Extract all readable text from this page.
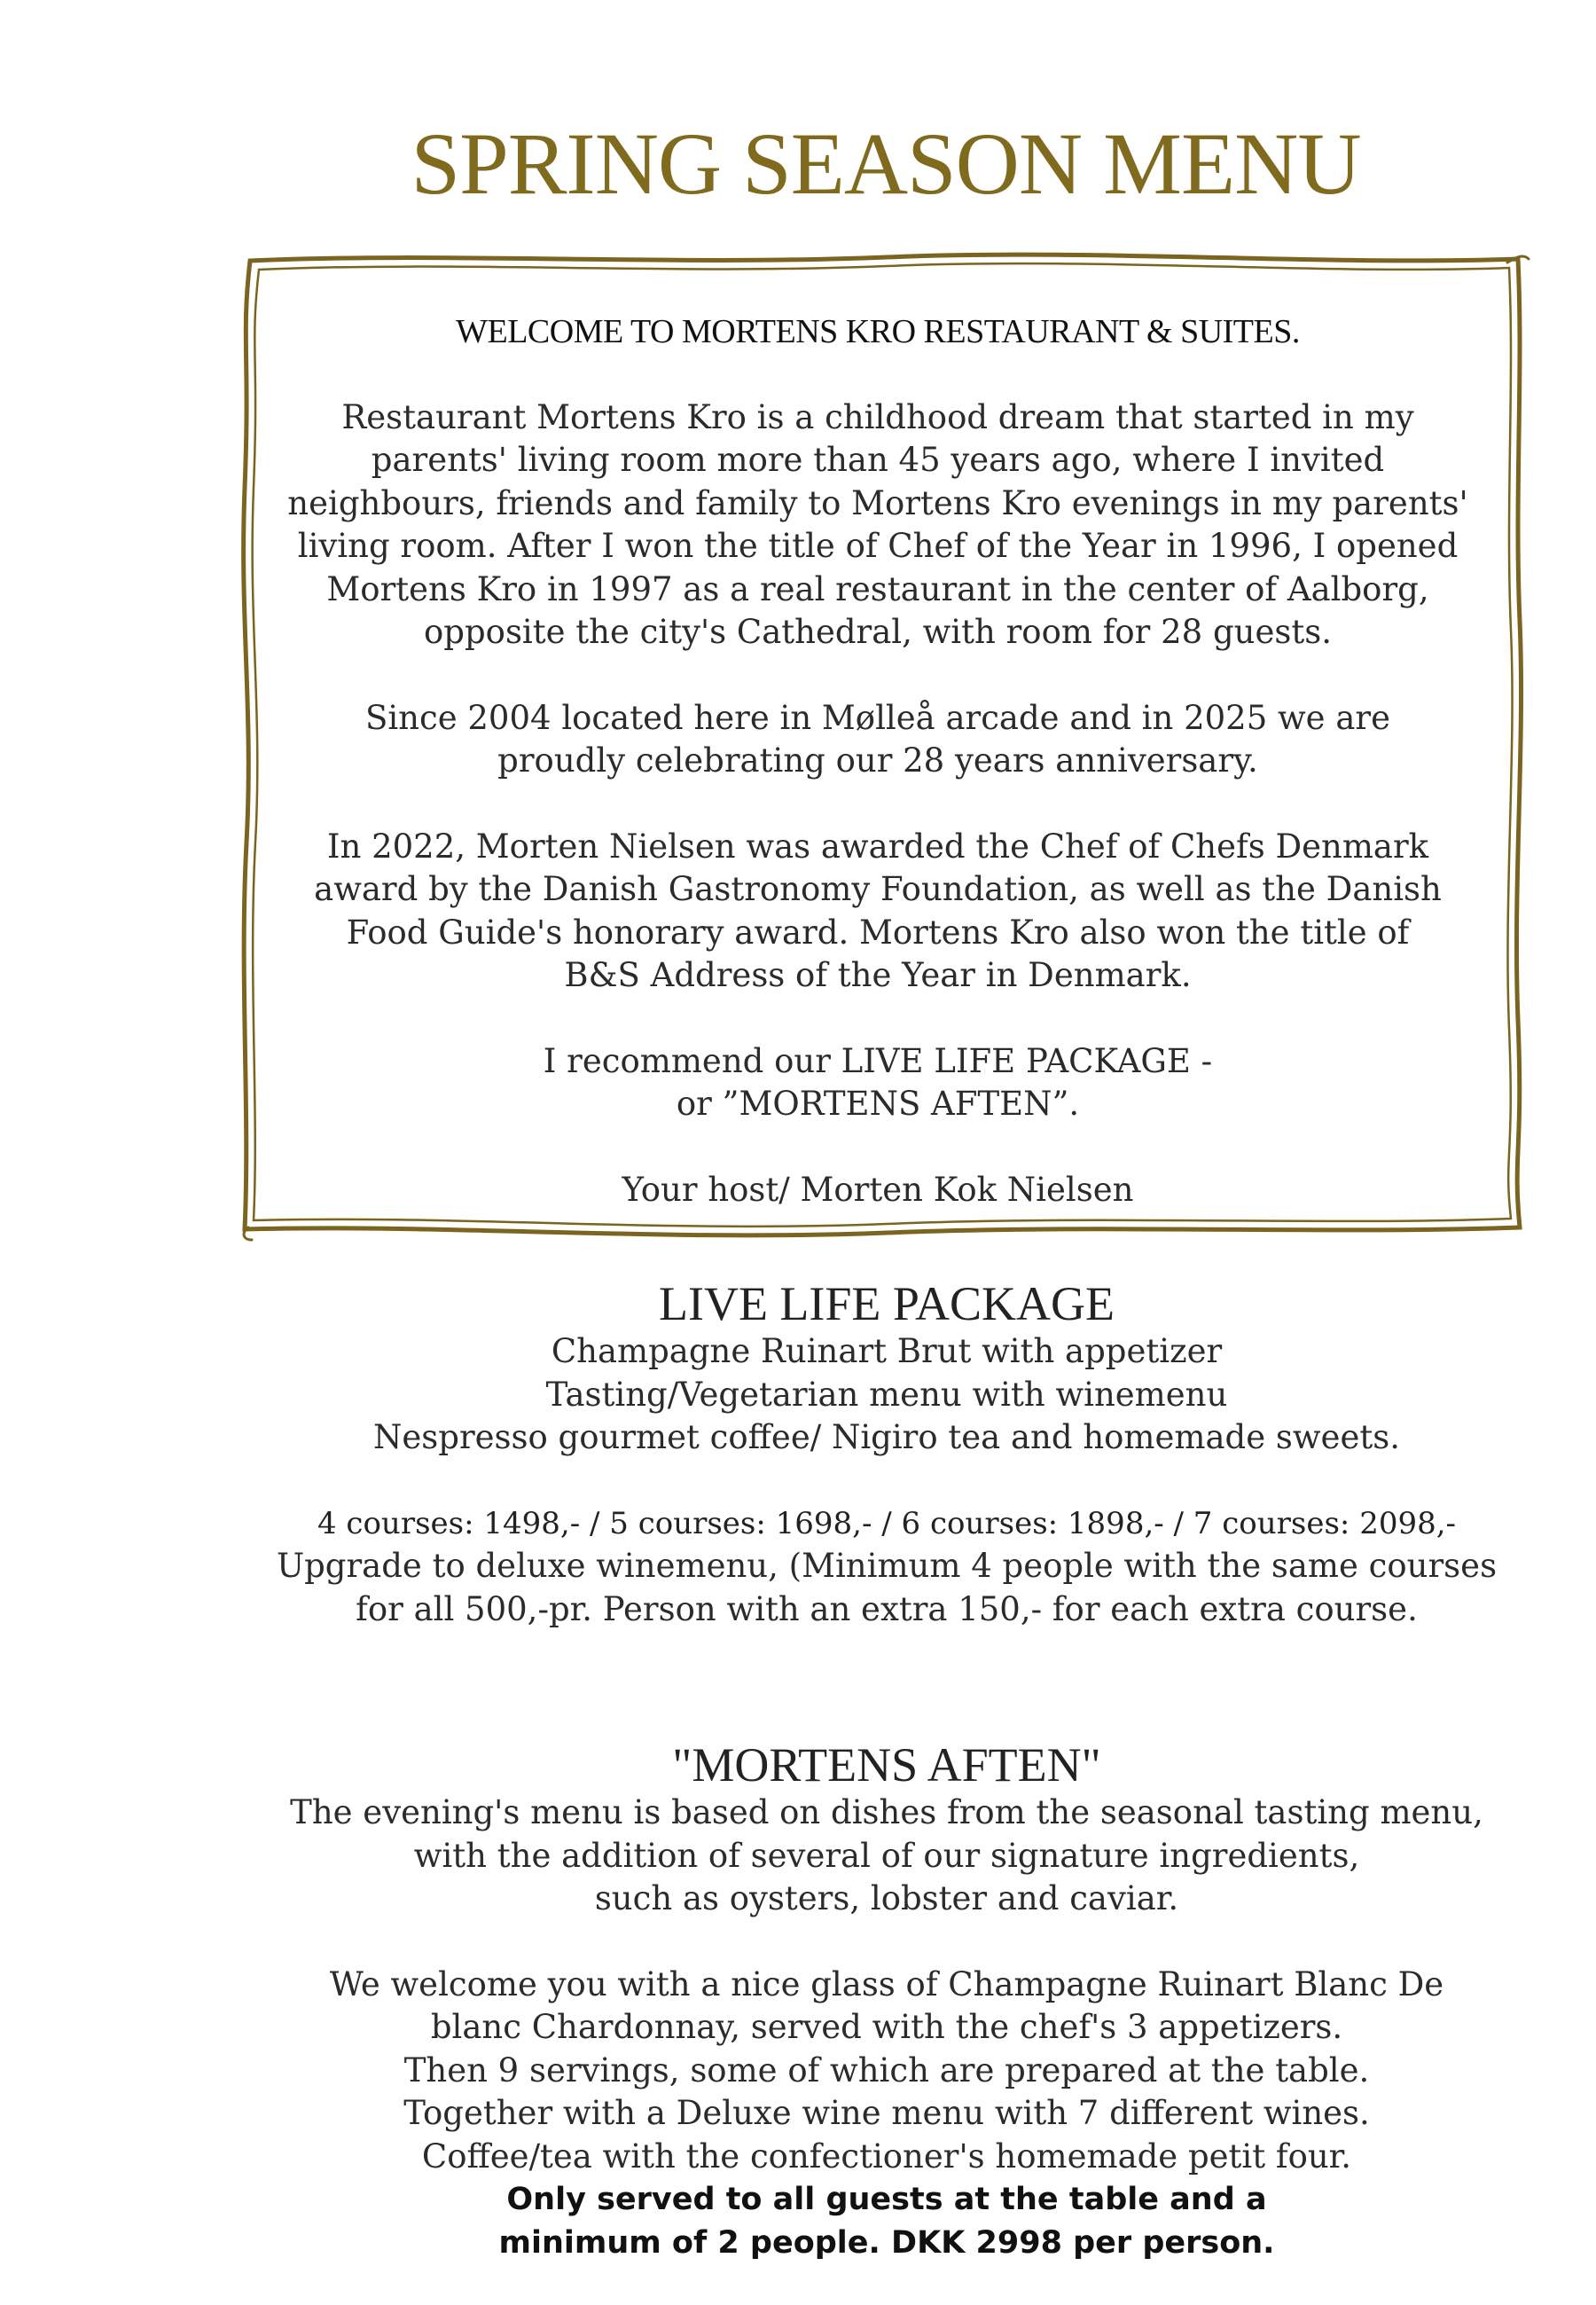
SPRING SEASON MENU
WELCOME TO MORTENS KRO RESTAURANT & SUITES.
Restaurant Mortens Kro is a childhood dream that started in my
parents' living room more than 45 years ago, where I invited
neighbours, friends and family to Mortens Kro evenings in my parents'
living room. After I won the title of Chef of the Year in 1996, I opened
Mortens Kro in 1997 as a real restaurant in the center of Aalborg,
opposite the city's Cathedral, with room for 28 guests.
Since 2004 located here in Mølleå arcade and in 2025 we are
proudly celebrating our 28 years anniversary.
In 2022, Morten Nielsen was awarded the Chef of Chefs Denmark
award by the Danish Gastronomy Foundation, as well as the Danish
Food Guide's honorary award. Mortens Kro also won the title of
B&S Address of the Year in Denmark.
I recommend our LIVE LIFE PACKAGE -
or ”MORTENS AFTEN”.
Your host/ Morten Kok Nielsen
LIVE LIFE PACKAGE
Champagne Ruinart Brut with appetizer
Tasting/Vegetarian menu with winemenu
Nespresso gourmet coffee/ Nigiro tea and homemade sweets.
4 courses: 1498,- / 5 courses: 1698,- / 6 courses: 1898,- / 7 courses: 2098,-
Upgrade to deluxe winemenu, (Minimum 4 people with the same courses
for all 500,-pr. Person with an extra 150,- for each extra course.
"MORTENS AFTEN"
The evening's menu is based on dishes from the seasonal tasting menu,
with the addition of several of our signature ingredients,
such as oysters, lobster and caviar.
We welcome you with a nice glass of Champagne Ruinart Blanc De
blanc Chardonnay, served with the chef's 3 appetizers.
Then 9 servings, some of which are prepared at the table.
Together with a Deluxe wine menu with 7 different wines.
Coffee/tea with the confectioner's homemade petit four.
Only served to all guests at the table and a
minimum of 2 people. DKK 2998 per person.
